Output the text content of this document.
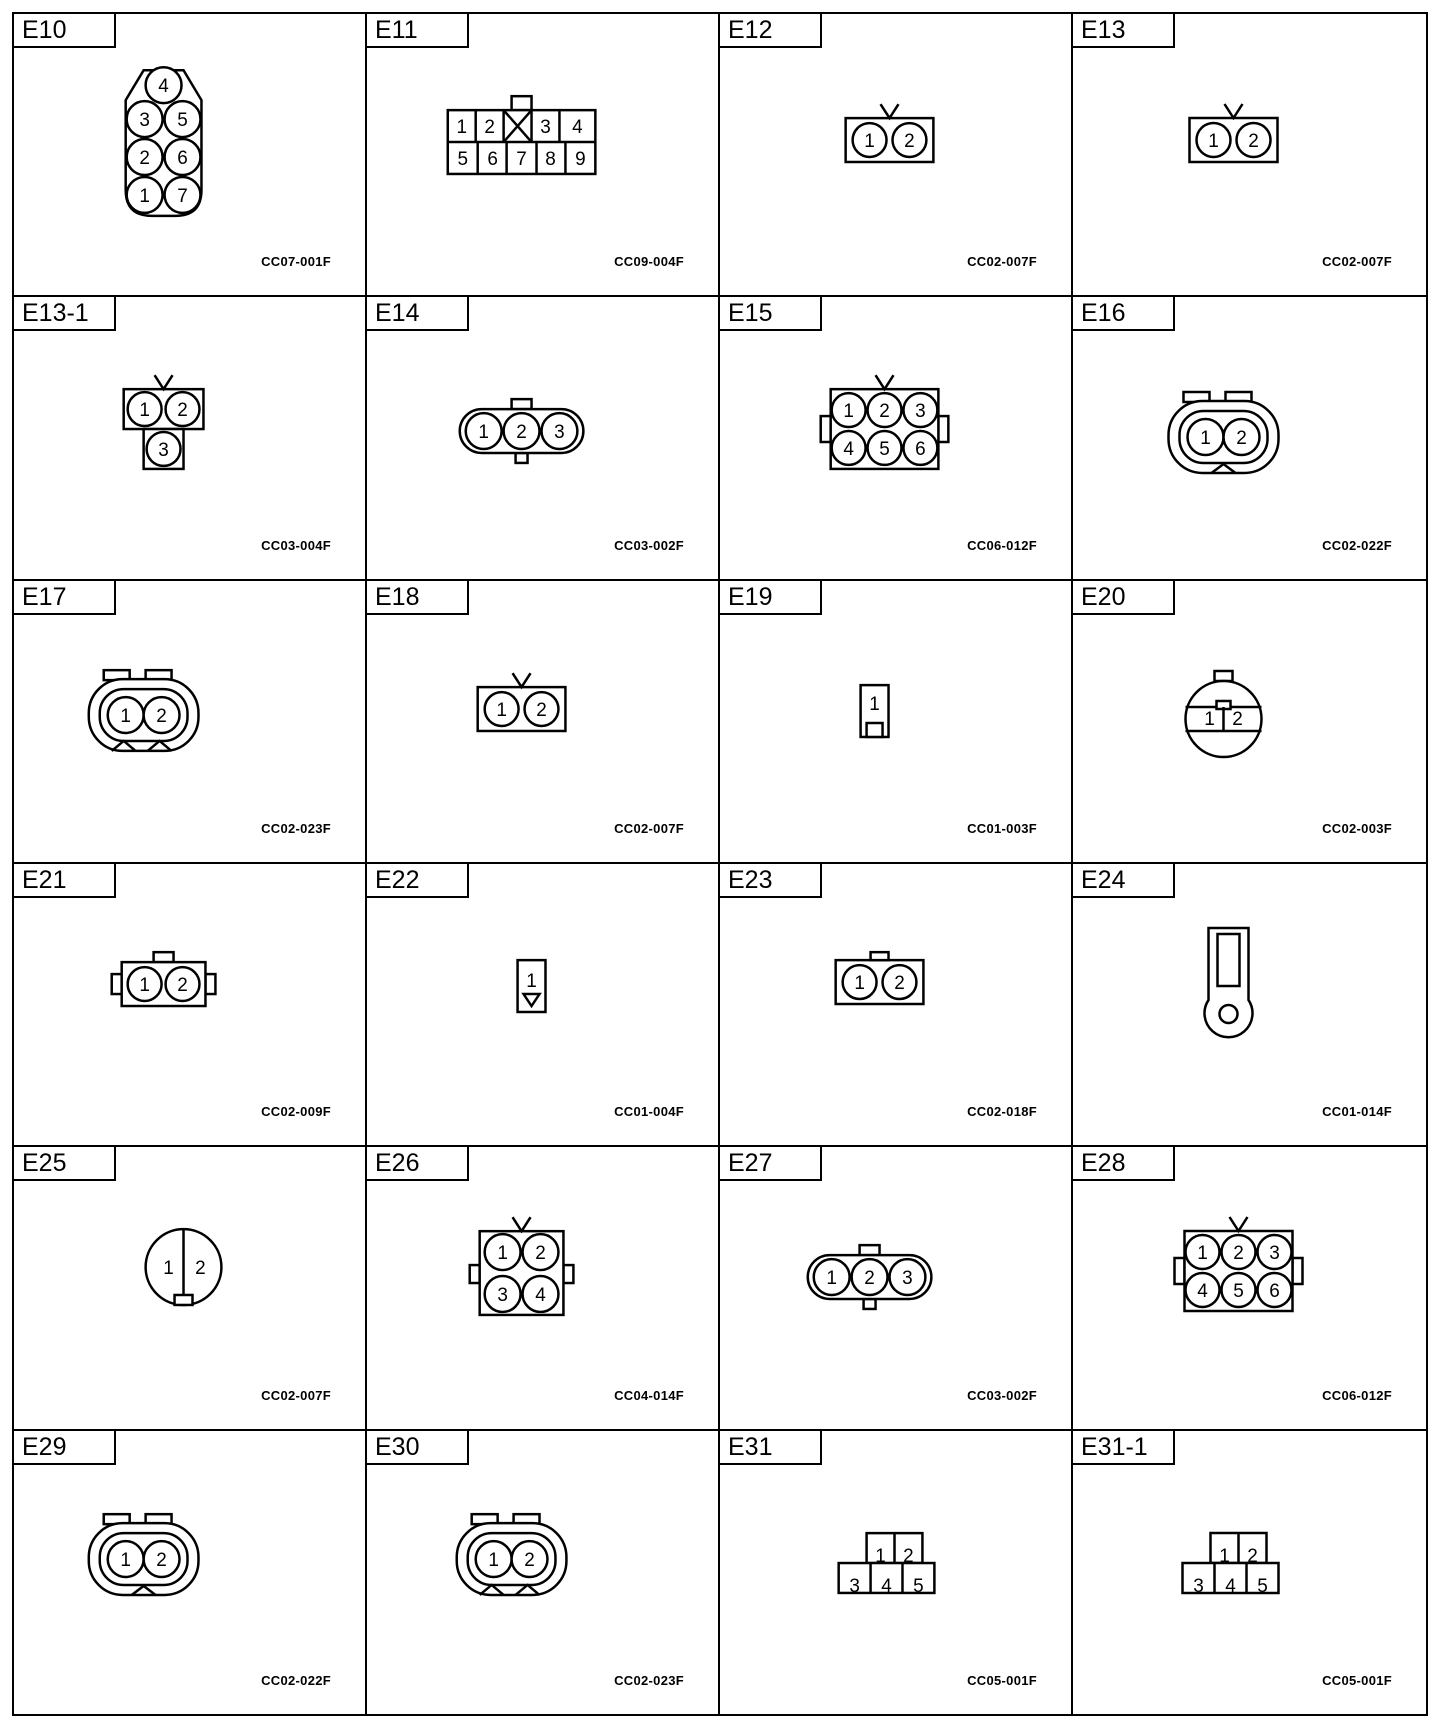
E10
4
3 5
2 6
1 7
CC07-001F
E11
1 2 3 4
5 6 7 8 9
CC09-004F
E12
1 2
CC02-007F
E13
1 2
CC02-007F
E13-1
1 2
3
CC03-004F
E14
1 2 3
CC03-002F
E15
1
4
2
5
3
6
CC06-012F
E16
1 2
CC02-022F
E17
1 2
CC02-023F
E18
1 2
CC02-007F
E19
1
CC01-003F
E20
1 2
CC02-003F
E21
1 2
CC02-009F
E22
1
CC01-004F
E23
1 2
CC02-018F
E24
CC01-014F
E25
1 2
CC02-007F
E26
1 2
3 4
CC04-014F
E27
1 2 3
CC03-002F
E28
1
4
2
5
3
6
CC06-012F
E29
1 2
CC02-022F
E30
1 2
CC02-023F
E31
1 2
3 4 5
CC05-001F
E31-1
1 2
3 4 5
CC05-001F
